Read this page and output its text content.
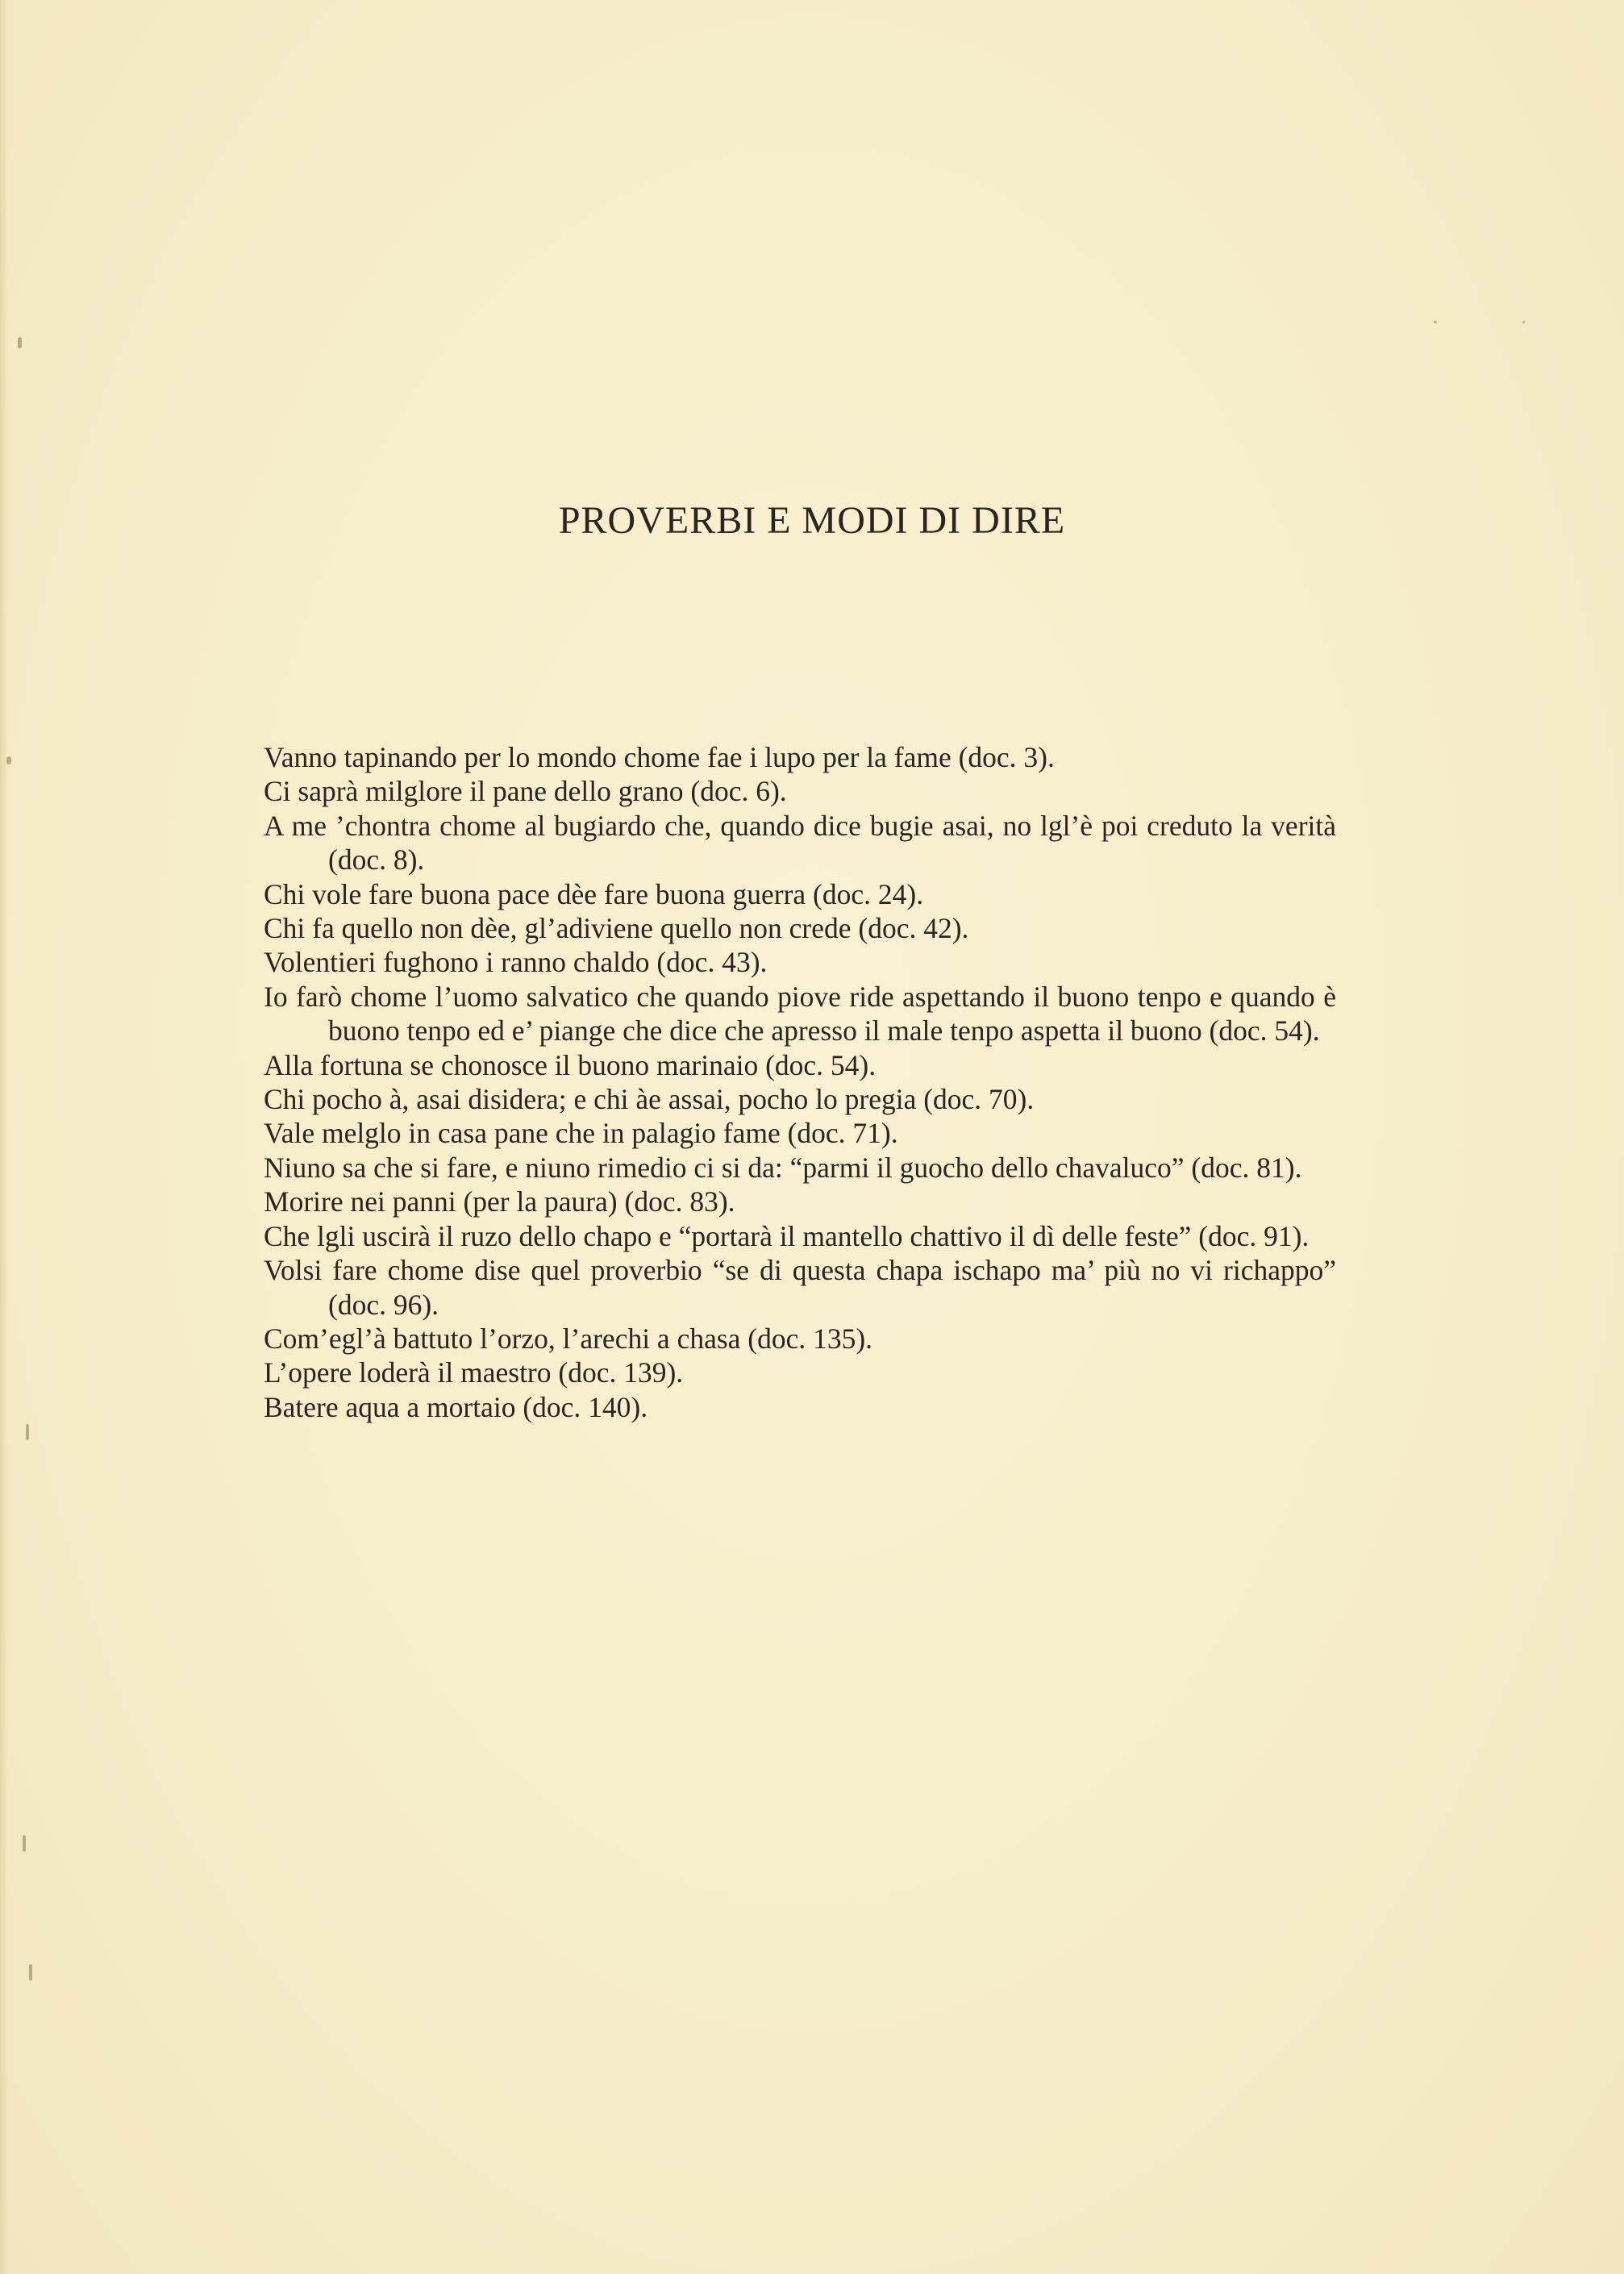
PROVERBI E MODI DI DIRE
Vanno tapinando per lo mondo chome fae i lupo per la fame (doc. 3).
Ci saprà milglore il pane dello grano (doc. 6).
A me ’chontra chome al bugiardo che, quando dice bugie asai, no lgl’è poi creduto la verità (doc. 8).
Chi vole fare buona pace dèe fare buona guerra (doc. 24).
Chi fa quello non dèe, gl’adiviene quello non crede (doc. 42).
Volentieri fughono i ranno chaldo (doc. 43).
Io farò chome l’uomo salvatico che quando piove ride aspettando il buono tenpo e quando è buono tenpo ed e’ piange che dice che apresso il male tenpo aspetta il buono (doc. 54).
Alla fortuna se chonosce il buono marinaio (doc. 54).
Chi pocho à, asai disidera; e chi àe assai, pocho lo pregia (doc. 70).
Vale melglo in casa pane che in palagio fame (doc. 71).
Niuno sa che si fare, e niuno rimedio ci si da: “parmi il guocho dello chavaluco” (doc. 81).
Morire nei panni (per la paura) (doc. 83).
Che lgli uscirà il ruzo dello chapo e “portarà il mantello chattivo il dì delle feste” (doc. 91).
Volsi fare chome dise quel proverbio “se di questa chapa ischapo ma’ più no vi richappo” (doc. 96).
Com’egl’à battuto l’orzo, l’arechi a chasa (doc. 135).
L’opere loderà il maestro (doc. 139).
Batere aqua a mortaio (doc. 140).
